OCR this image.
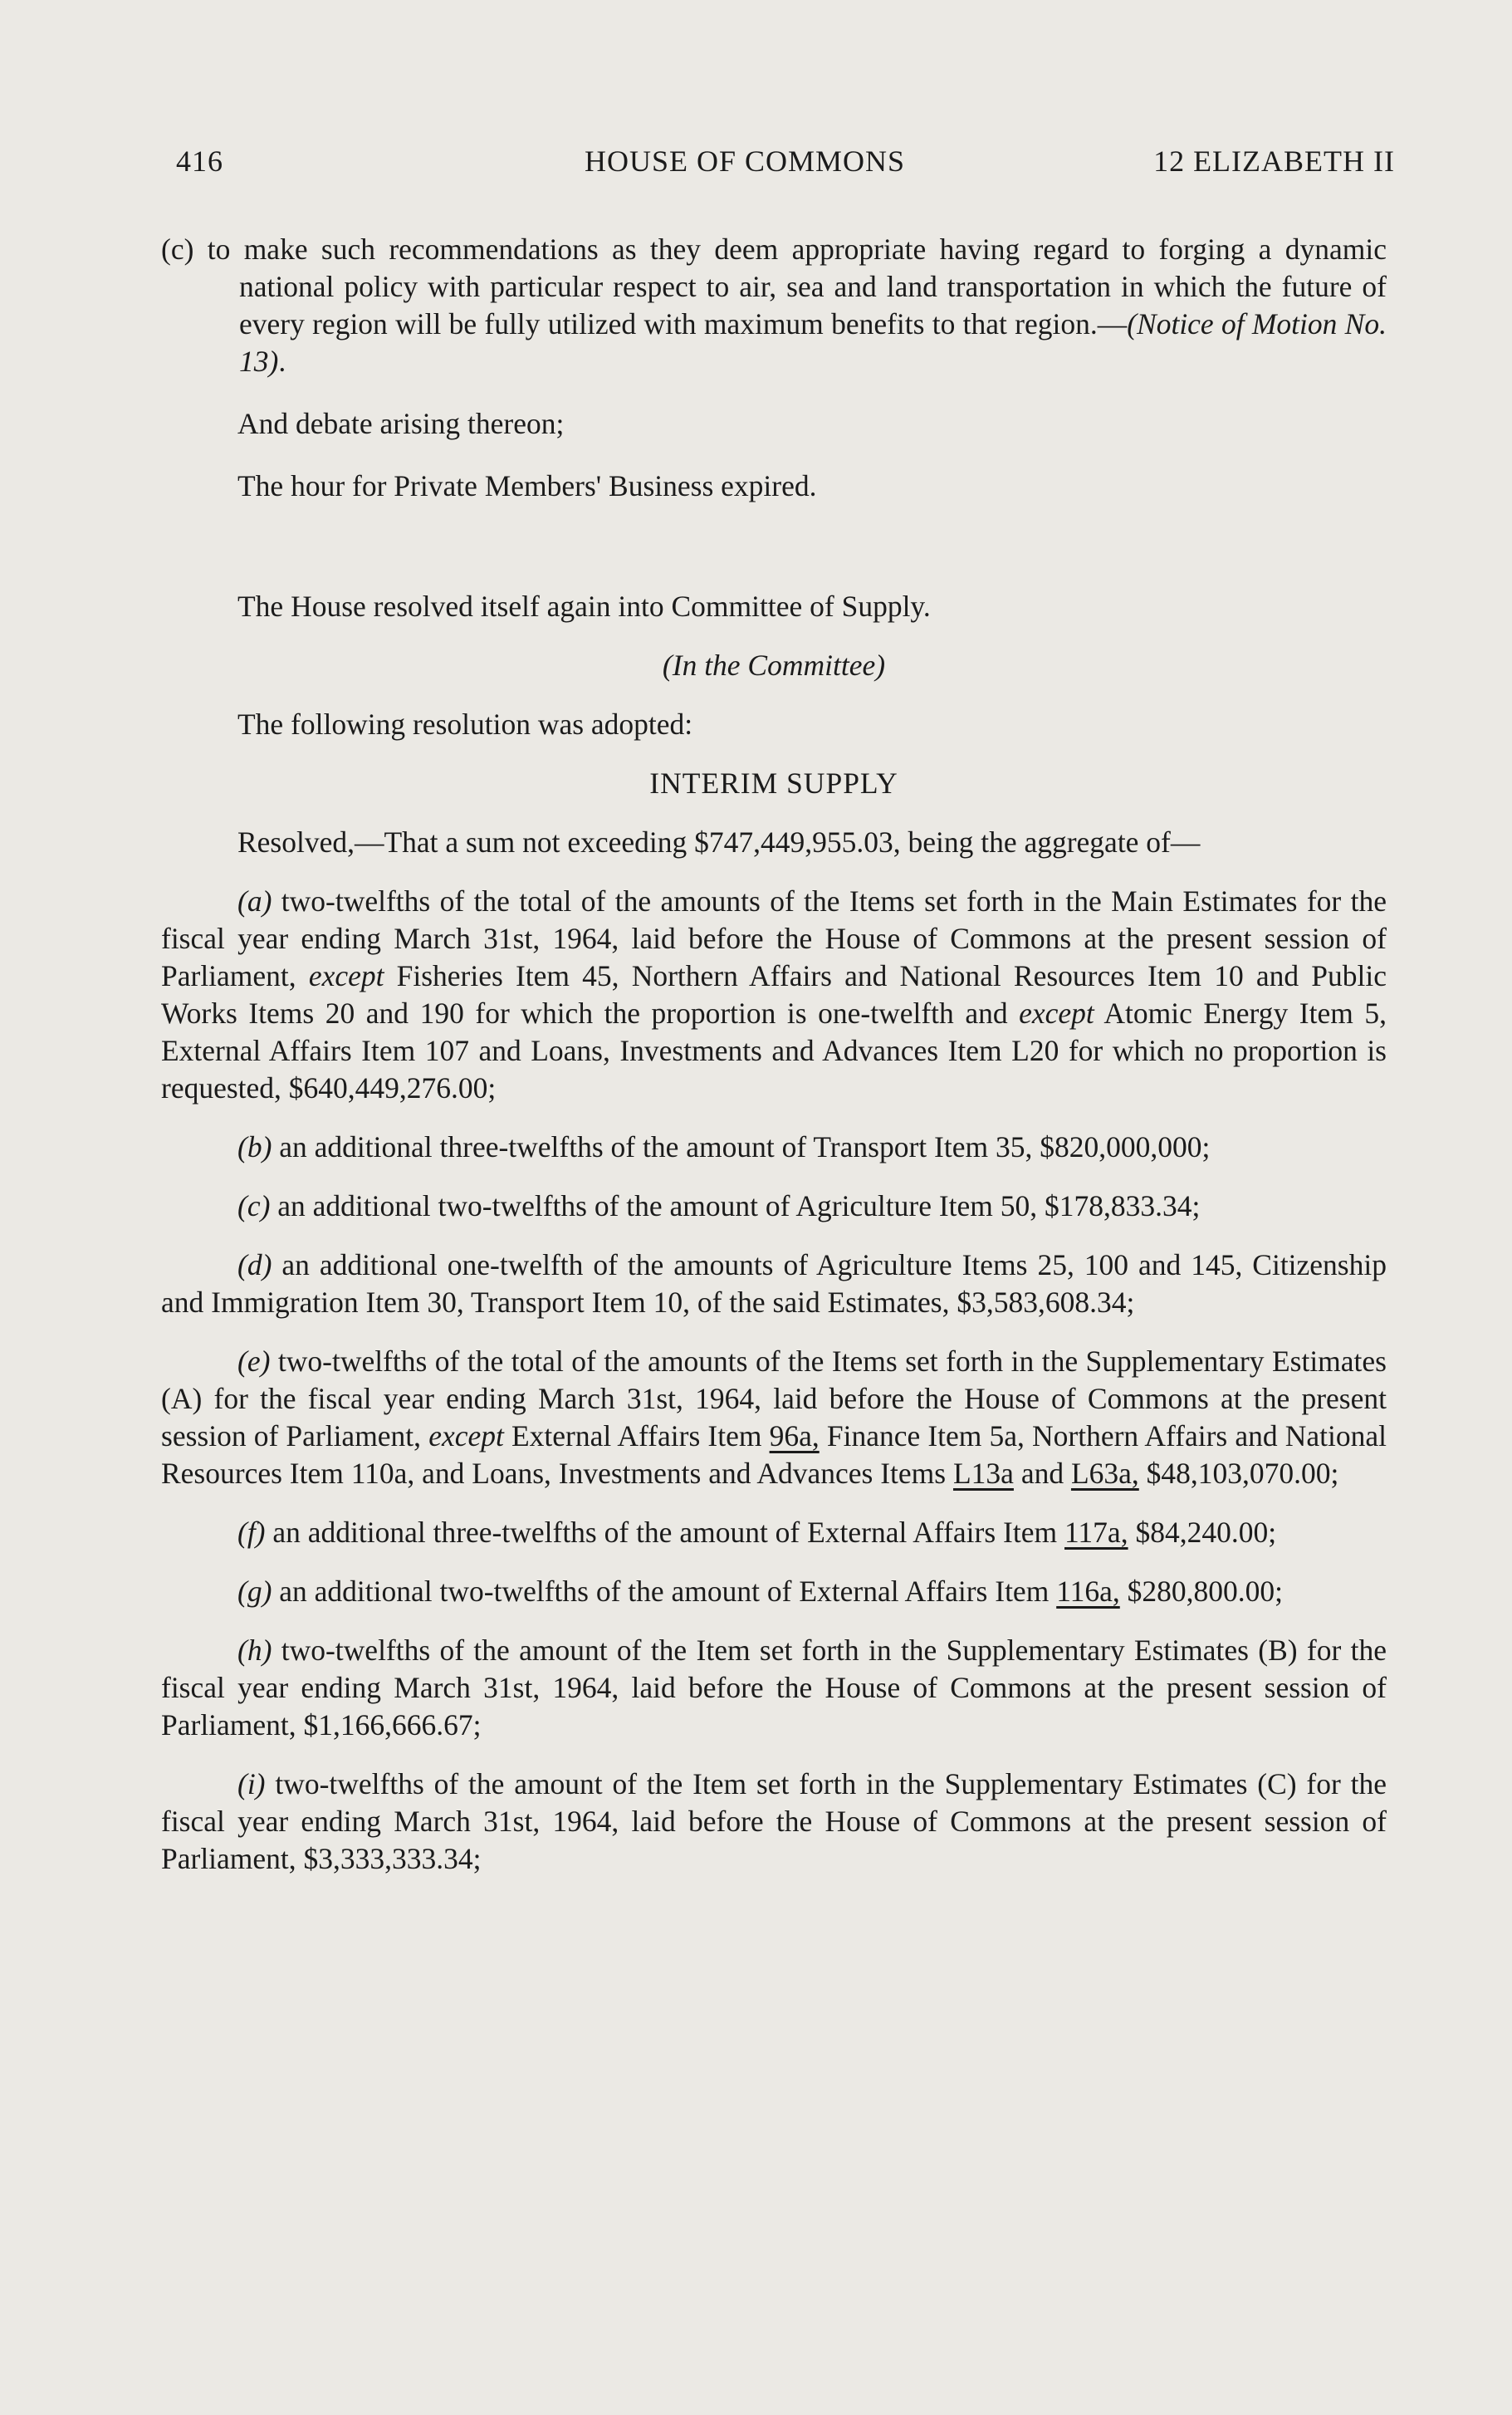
416	HOUSE OF COMMONS	12 ELIZABETH II

(c) to make such recommendations as they deem appropriate having regard to forging a dynamic national policy with particular respect to air, sea and land transportation in which the future of every region will be fully utilized with maximum benefits to that region.—(Notice of Motion No. 13).

And debate arising thereon;

The hour for Private Members' Business expired.

The House resolved itself again into Committee of Supply.

(In the Committee)

The following resolution was adopted:

INTERIM SUPPLY

Resolved,—That a sum not exceeding $747,449,955.03, being the aggregate of—

(a) two-twelfths of the total of the amounts of the Items set forth in the Main Estimates for the fiscal year ending March 31st, 1964, laid before the House of Commons at the present session of Parliament, except Fisheries Item 45, Northern Affairs and National Resources Item 10 and Public Works Items 20 and 190 for which the proportion is one-twelfth and except Atomic Energy Item 5, External Affairs Item 107 and Loans, Investments and Advances Item L20 for which no proportion is requested, $640,449,276.00;

(b) an additional three-twelfths of the amount of Transport Item 35, $820,000,000;

(c) an additional two-twelfths of the amount of Agriculture Item 50, $178,833.34;

(d) an additional one-twelfth of the amounts of Agriculture Items 25, 100 and 145, Citizenship and Immigration Item 30, Transport Item 10, of the said Estimates, $3,583,608.34;

(e) two-twelfths of the total of the amounts of the Items set forth in the Supplementary Estimates (A) for the fiscal year ending March 31st, 1964, laid before the House of Commons at the present session of Parliament, except External Affairs Item 96a, Finance Item 5a, Northern Affairs and National Resources Item 110a, and Loans, Investments and Advances Items L13a and L63a, $48,103,070.00;

(f) an additional three-twelfths of the amount of External Affairs Item 117a, $84,240.00;

(g) an additional two-twelfths of the amount of External Affairs Item 116a, $280,800.00;

(h) two-twelfths of the amount of the Item set forth in the Supplementary Estimates (B) for the fiscal year ending March 31st, 1964, laid before the House of Commons at the present session of Parliament, $1,166,666.67;

(i) two-twelfths of the amount of the Item set forth in the Supplementary Estimates (C) for the fiscal year ending March 31st, 1964, laid before the House of Commons at the present session of Parliament, $3,333,333.34;
